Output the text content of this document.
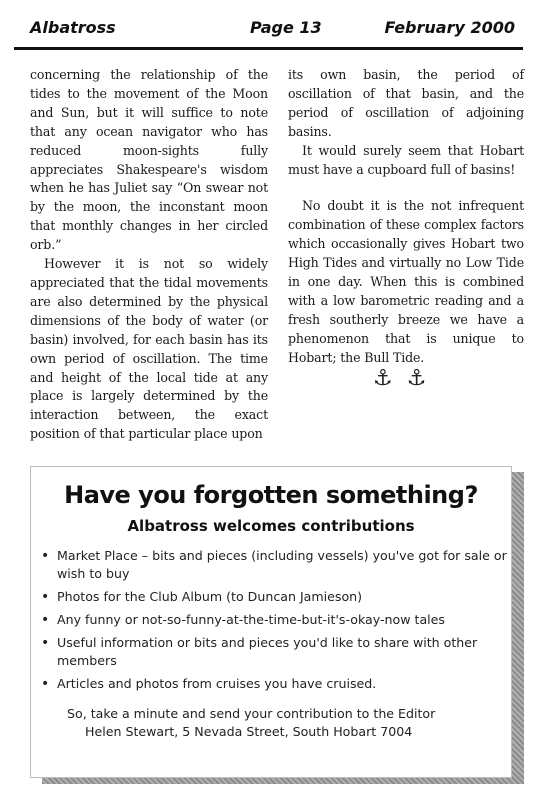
Albatross	Page 13	February 2000

concerning the relationship of the tides to the movement of the Moon and Sun, but it will suffice to note that any ocean navigator who has reduced moon-sights fully appreciates Shakespeare's wisdom when he has Juliet say “On swear not by the moon, the inconstant moon that monthly changes in her circled orb.”

However it is not so widely appreciated that the tidal movements are also determined by the physical dimensions of the body of water (or basin) involved, for each basin has its own period of oscillation. The time and height of the local tide at any place is largely determined by the interaction between, the exact position of that particular place upon

its own basin, the period of oscillation of that basin, and the period of oscillation of adjoining basins.

It would surely seem that Hobart must have a cupboard full of basins!

No doubt it is the not infrequent combination of these complex factors which occasionally gives Hobart two High Tides and virtually no Low Tide in one day. When this is combined with a low barometric reading and a fresh southerly breeze we have a phenomenon that is unique to Hobart; the Bull Tide.

⚓⚓
Have you forgotten something?
Albatross welcomes contributions
• Market Place – bits and pieces (including vessels) you've got for sale or wish to buy
• Photos for the Club Album (to Duncan Jamieson)
• Any funny or not-so-funny-at-the-time-but-it's-okay-now tales
• Useful information or bits and pieces you'd like to share with other members
• Articles and photos from cruises you have cruised.
So, take a minute and send your contribution to the Editor
Helen Stewart, 5 Nevada Street, South Hobart 7004
